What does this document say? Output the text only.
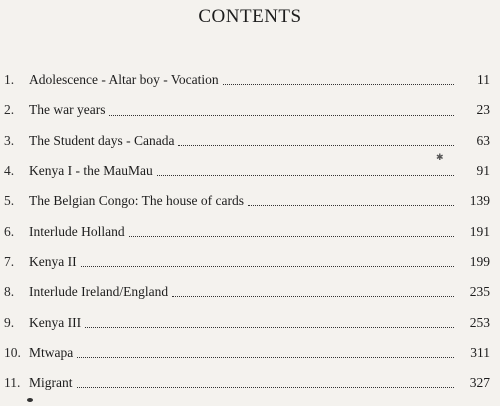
CONTENTS
1.	Adolescence - Altar boy - Vocation	11
2.	The war years	23
3.	The Student days - Canada	63
4.	Kenya I - the MauMau	91
5.	The Belgian Congo: The house of cards	139
6.	Interlude Holland	191
7.	Kenya II	199
8.	Interlude Ireland/England	235
9.	Kenya III	253
10. Mtwapa	311
11. Migrant	327
✱
